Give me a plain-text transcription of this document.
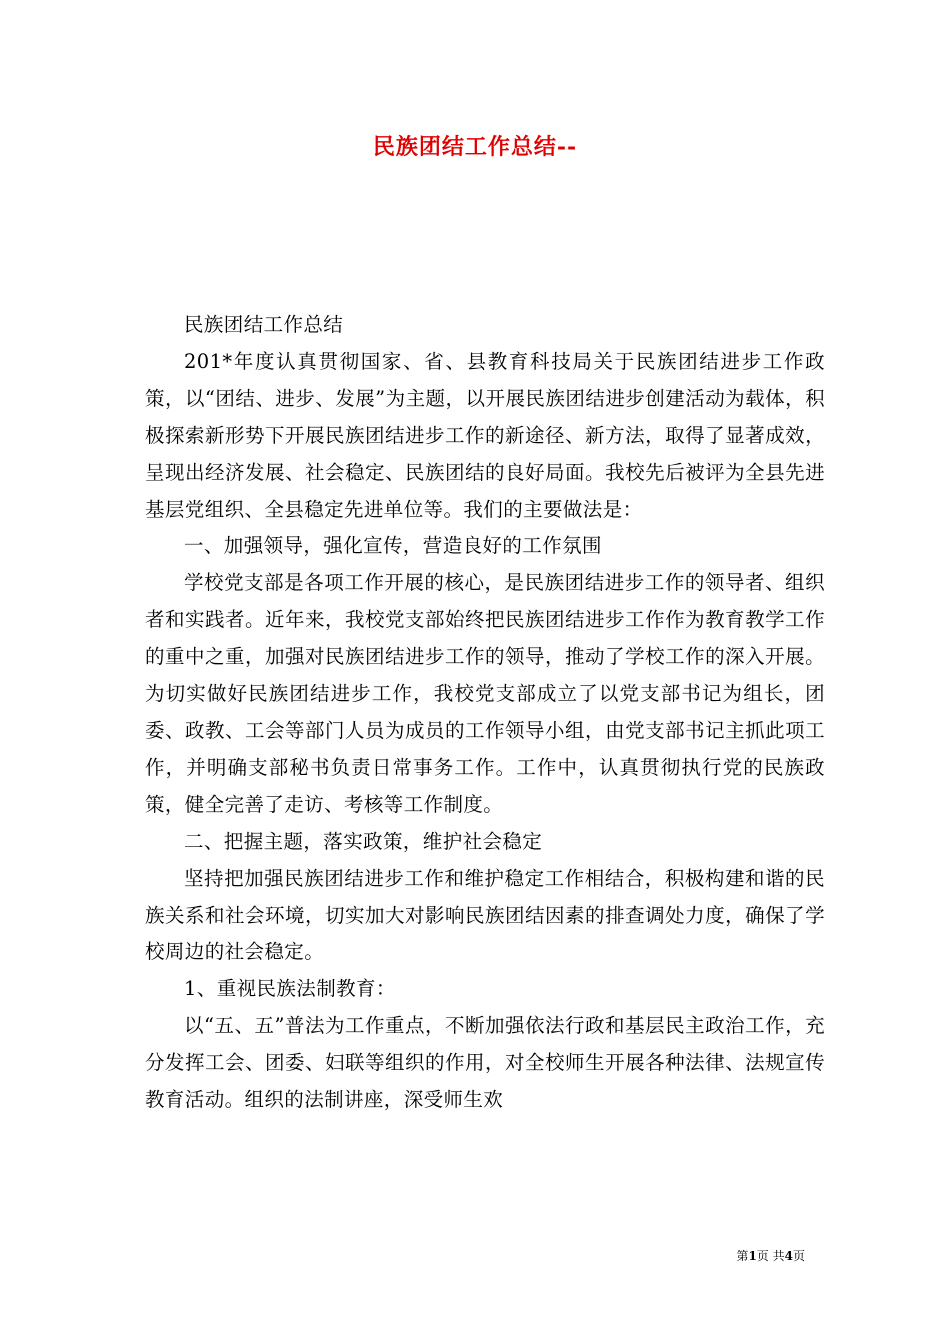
民族团结工作总结--

民族团结工作总结

201*年度认真贯彻国家、省、县教育科技局关于民族团结进步工作政策，以“团结、进步、发展”为主题，以开展民族团结进步创建活动为载体，积极探索新形势下开展民族团结进步工作的新途径、新方法，取得了显著成效，呈现出经济发展、社会稳定、民族团结的良好局面。我校先后被评为全县先进基层党组织、全县稳定先进单位等。我们的主要做法是：

一、加强领导，强化宣传，营造良好的工作氛围

学校党支部是各项工作开展的核心，是民族团结进步工作的领导者、组织者和实践者。近年来，我校党支部始终把民族团结进步工作作为教育教学工作的重中之重，加强对民族团结进步工作的领导，推动了学校工作的深入开展。为切实做好民族团结进步工作，我校党支部成立了以党支部书记为组长，团委、政教、工会等部门人员为成员的工作领导小组，由党支部书记主抓此项工作，并明确支部秘书负责日常事务工作。工作中，认真贯彻执行党的民族政策，健全完善了走访、考核等工作制度。

二、把握主题，落实政策，维护社会稳定

坚持把加强民族团结进步工作和维护稳定工作相结合，积极构建和谐的民族关系和社会环境，切实加大对影响民族团结因素的排查调处力度，确保了学校周边的社会稳定。

1、重视民族法制教育：

以“五、五”普法为工作重点，不断加强依法行政和基层民主政治工作，充分发挥工会、团委、妇联等组织的作用，对全校师生开展各种法律、法规宣传教育活动。组织的法制讲座，深受师生欢

第1页 共4页
